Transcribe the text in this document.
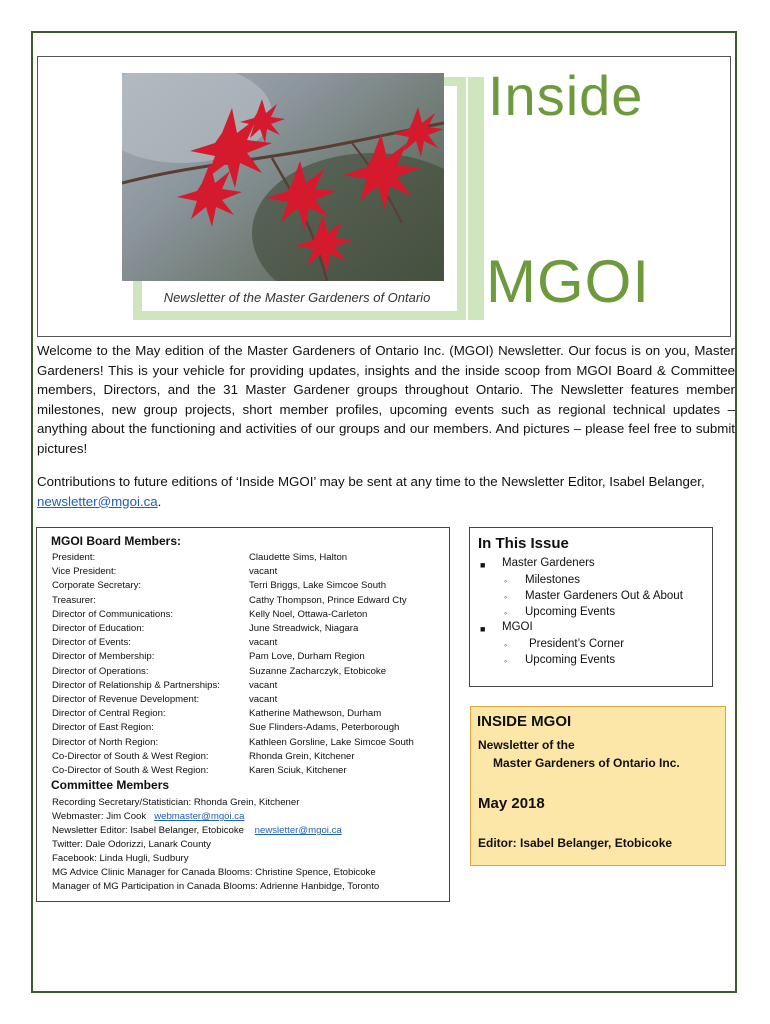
Newsletter of the Master Gardeners of Ontario
Inside
MGOI

Welcome to the May edition of the Master Gardeners of Ontario Inc. (MGOI) Newsletter. Our focus is on you, Master Gardeners! This is your vehicle for providing updates, insights and the inside scoop from MGOI Board & Committee members, Directors, and the 31 Master Gardener groups throughout Ontario. The Newsletter features member milestones, new group projects, short member profiles, upcoming events such as regional technical updates – anything about the functioning and activities of our groups and our members. And pictures – please feel free to submit pictures!

Contributions to future editions of ‘Inside MGOI’ may be sent at any time to the Newsletter Editor, Isabel Belanger, newsletter@mgoi.ca.

MGOI Board Members:
President:	Claudette Sims, Halton
Vice President:	vacant
Corporate Secretary:	Terri Briggs, Lake Simcoe South
Treasurer:	Cathy Thompson, Prince Edward Cty
Director of Communications:	Kelly Noel, Ottawa-Carleton
Director of Education:	June Streadwick, Niagara
Director of Events:	vacant
Director of Membership:	Pam Love, Durham Region
Director of Operations:	Suzanne Zacharczyk, Etobicoke
Director of Relationship & Partnerships:	vacant
Director of Revenue Development:	vacant
Director of Central Region:	Katherine Mathewson, Durham
Director of East Region:	Sue Flinders-Adams, Peterborough
Director of North Region:	Kathleen Gorsline, Lake Simcoe South
Co-Director of South & West Region:	Rhonda Grein, Kitchener
Co-Director of South & West Region:	Karen Sciuk, Kitchener
Committee Members
Recording Secretary/Statistician: Rhonda Grein, Kitchener
Webmaster: Jim Cook webmaster@mgoi.ca
Newsletter Editor: Isabel Belanger, Etobicoke newsletter@mgoi.ca
Twitter: Dale Odorizzi, Lanark County
Facebook: Linda Hugli, Sudbury
MG Advice Clinic Manager for Canada Blooms: Christine Spence, Etobicoke
Manager of MG Participation in Canada Blooms: Adrienne Hanbidge, Toronto
In This Issue
■ Master Gardeners
◦ Milestones
◦ Master Gardeners Out & About
◦ Upcoming Events
■ MGOI
◦ President’s Corner
◦ Upcoming Events
INSIDE MGOI
Newsletter of the
Master Gardeners of Ontario Inc.
May 2018
Editor: Isabel Belanger, Etobicoke
